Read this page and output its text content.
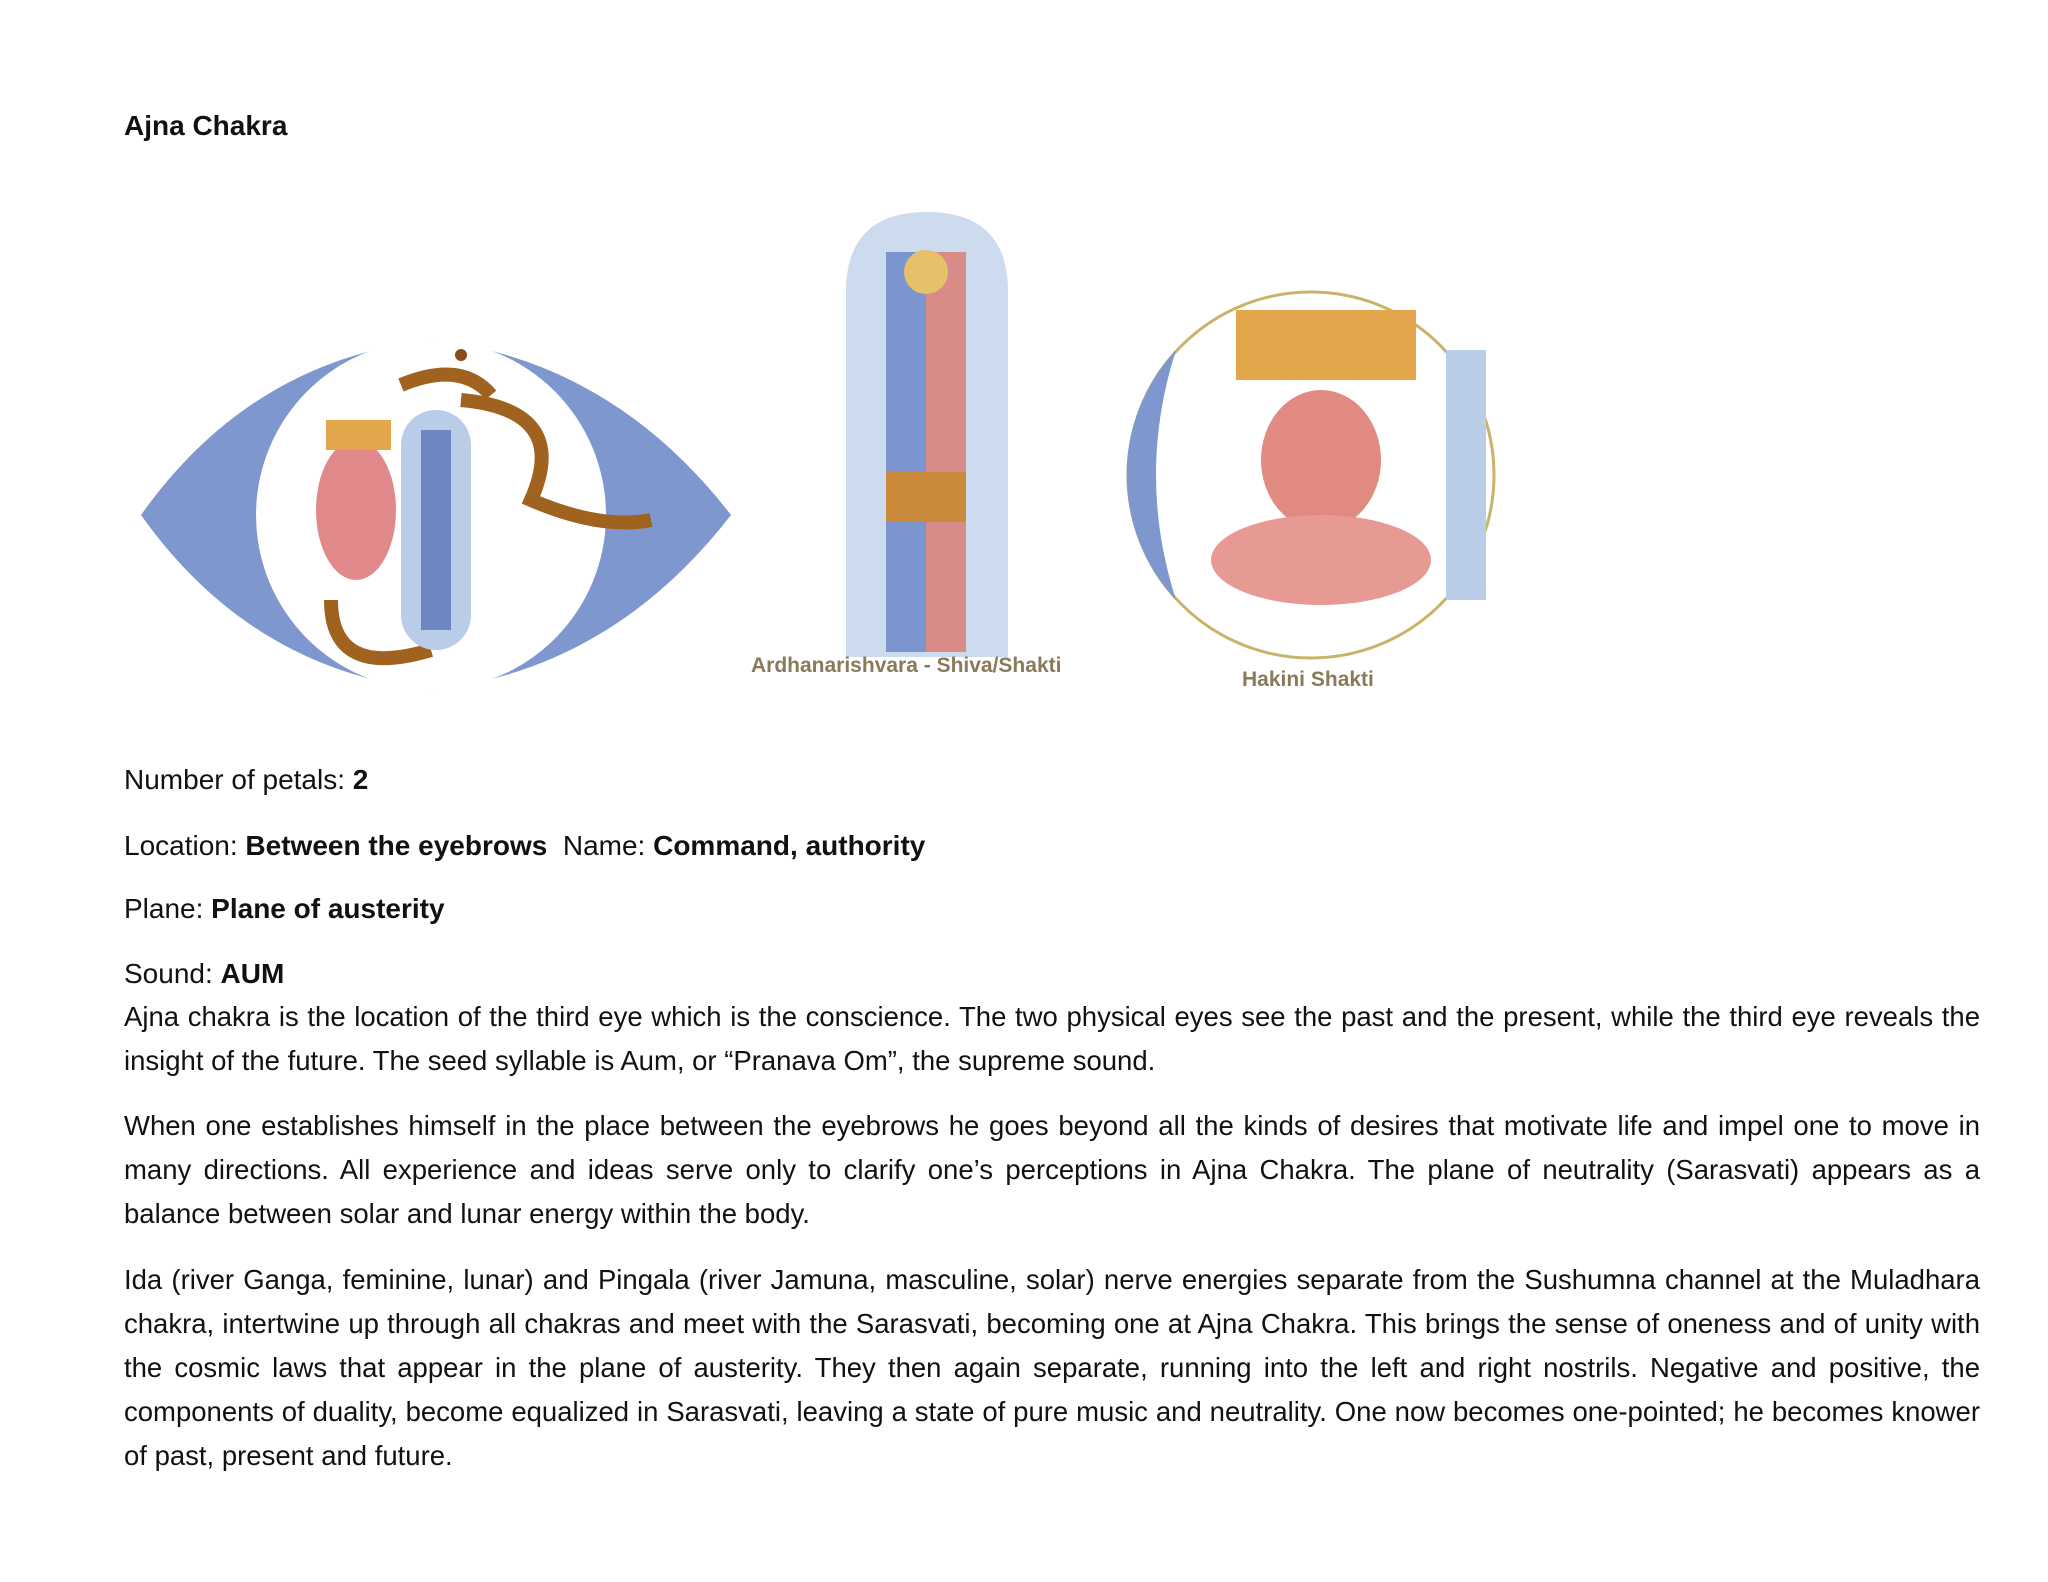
Ajna Chakra
Ardhanarishvara - Shiva/Shakti
Hakini Shakti
Number of petals: 2
Location: Between the eyebrows Name: Command, authority
Plane: Plane of austerity
Sound: AUM

Ajna chakra is the location of the third eye which is the conscience. The two physical eyes see the past and the present, while the third eye reveals the insight of the future. The seed syllable is Aum, or “Pranava Om”, the supreme sound.

When one establishes himself in the place between the eyebrows he goes beyond all the kinds of desires that motivate life and impel one to move in many directions. All experience and ideas serve only to clarify one’s perceptions in Ajna Chakra. The plane of neutrality (Sarasvati) appears as a balance between solar and lunar energy within the body.

Ida (river Ganga, feminine, lunar) and Pingala (river Jamuna, masculine, solar) nerve energies separate from the Sushumna channel at the Muladhara chakra, intertwine up through all chakras and meet with the Sarasvati, becoming one at Ajna Chakra. This brings the sense of oneness and of unity with the cosmic laws that appear in the plane of austerity. They then again separate, running into the left and right nostrils. Negative and positive, the components of duality, become equalized in Sarasvati, leaving a state of pure music and neutrality. One now becomes one-pointed; he becomes knower of past, present and future.
